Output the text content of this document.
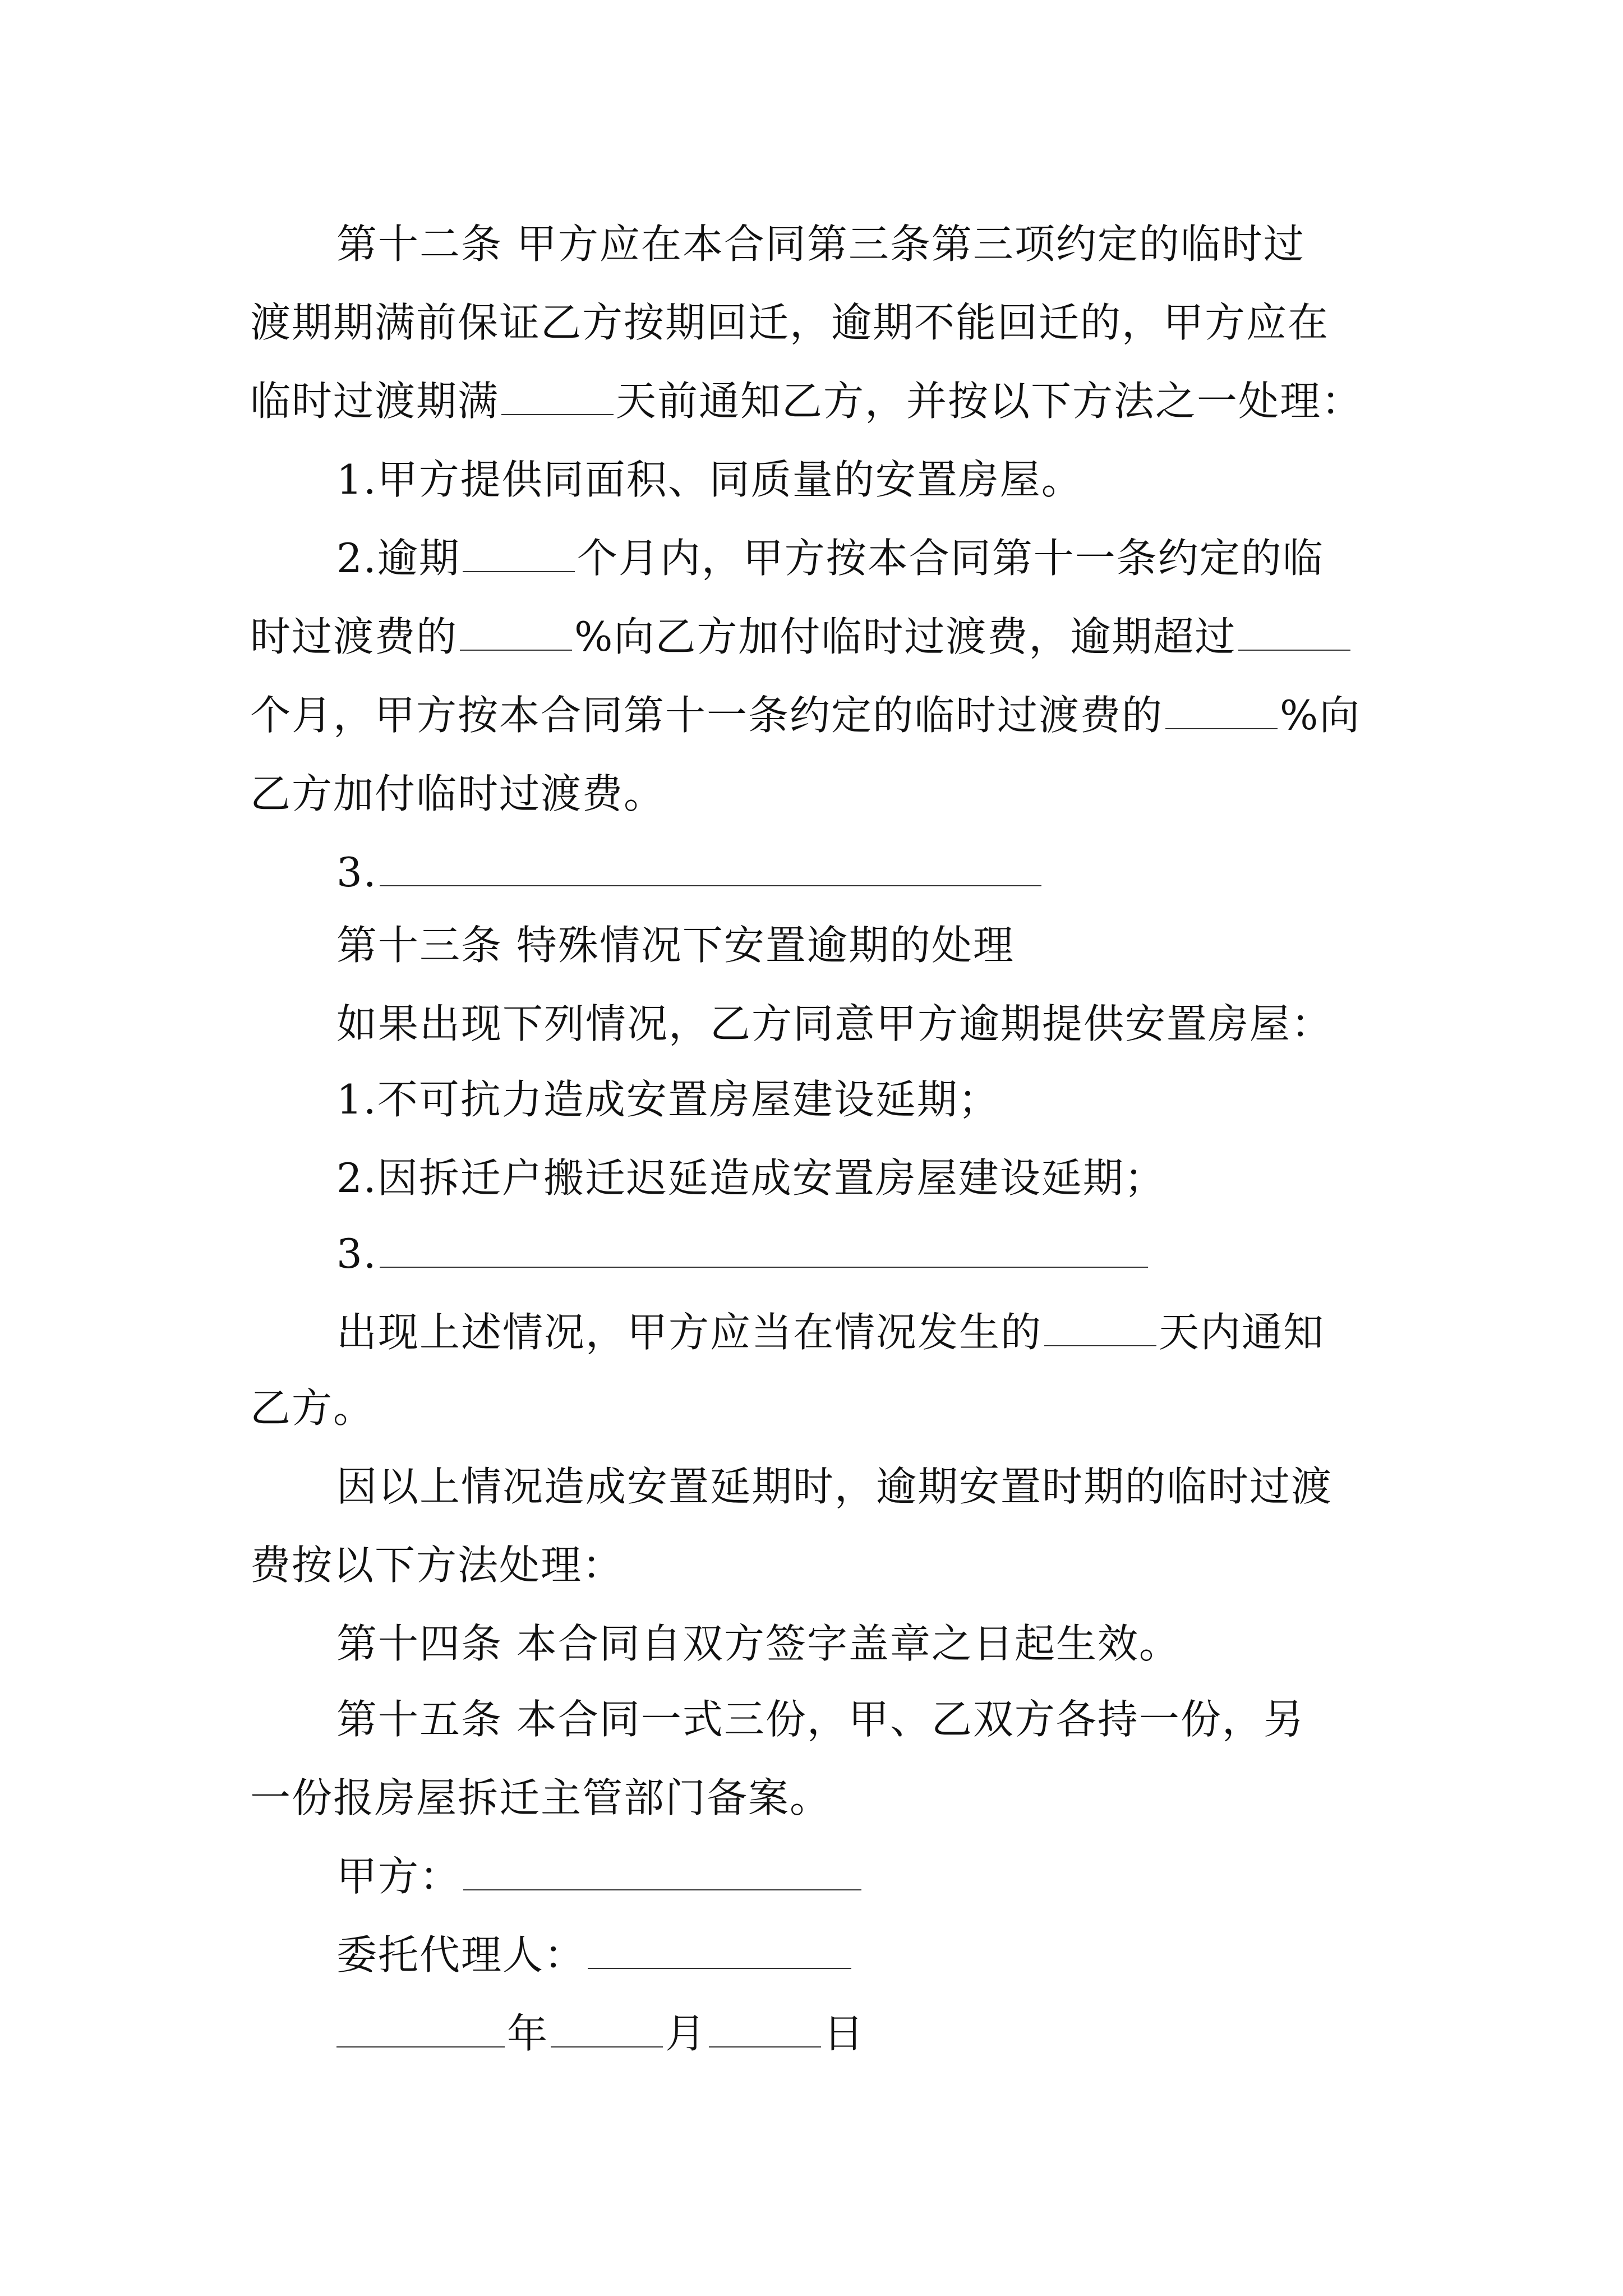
第十二条 甲方应在本合同第三条第三项约定的临时过
渡期期满前保证乙方按期回迁，逾期不能回迁的，甲方应在
临时过渡期满	天前通知乙方，并按以下方法之一处理：
1.甲方提供同面积、同质量的安置房屋。
2.逾期	个月内，甲方按本合同第十一条约定的临
时过渡费的	%向乙方加付临时过渡费，逾期超过
个月，甲方按本合同第十一条约定的临时过渡费的	%向
乙方加付临时过渡费。
3.
第十三条 特殊情况下安置逾期的处理
如果出现下列情况，乙方同意甲方逾期提供安置房屋：
1.不可抗力造成安置房屋建设延期；
2.因拆迁户搬迁迟延造成安置房屋建设延期；
3.
出现上述情况，甲方应当在情况发生的	天内通知
乙方。
因以上情况造成安置延期时，逾期安置时期的临时过渡
费按以下方法处理：
第十四条 本合同自双方签字盖章之日起生效。
第十五条 本合同一式三份，甲、乙双方各持一份，另
一份报房屋拆迁主管部门备案。
甲方：
委托代理人：
年	月	日
